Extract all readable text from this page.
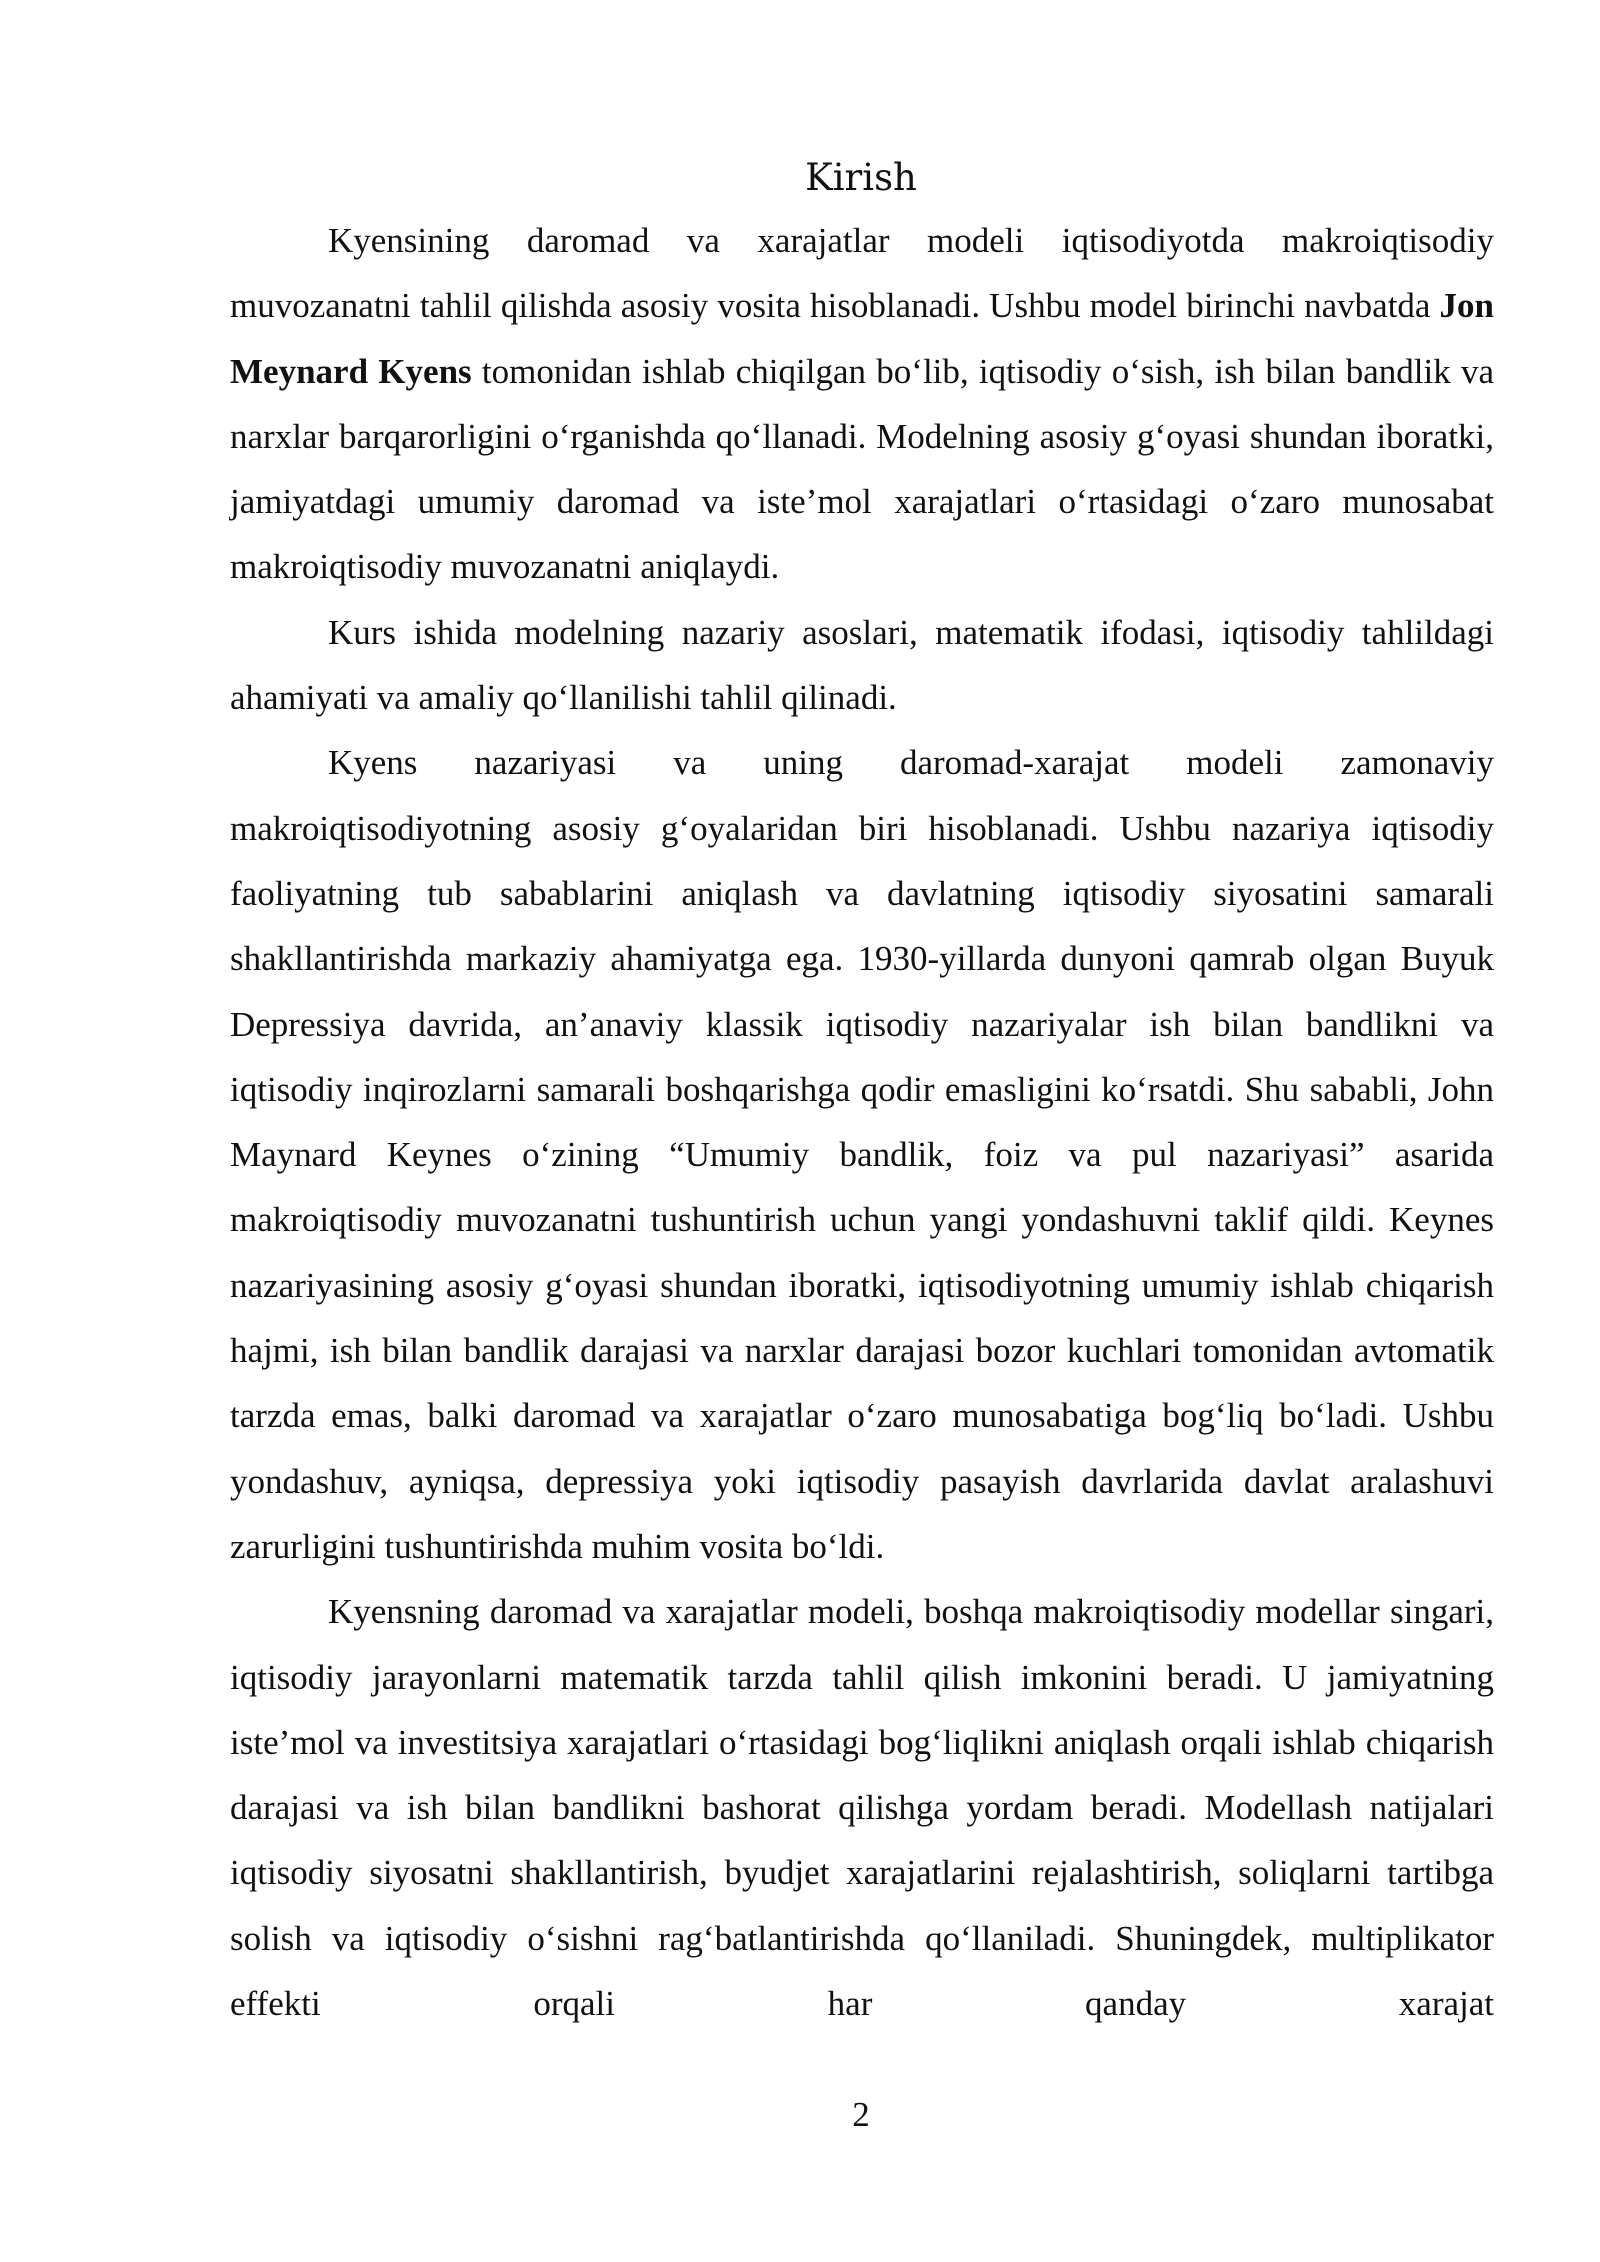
Kirish

Kyensining daromad va xarajatlar modeli iqtisodiyotda makroiqtisodiy muvozanatni tahlil qilishda asosiy vosita hisoblanadi. Ushbu model birinchi navbatda Jon Meynard Kyens tomonidan ishlab chiqilgan bo‘lib, iqtisodiy o‘sish, ish bilan bandlik va narxlar barqarorligini o‘rganishda qo‘llanadi. Modelning asosiy g‘oyasi shundan iboratki, jamiyatdagi umumiy daromad va iste’mol xarajatlari o‘rtasidagi o‘zaro munosabat makroiqtisodiy muvozanatni aniqlaydi.

Kurs ishida modelning nazariy asoslari, matematik ifodasi, iqtisodiy tahlildagi ahamiyati va amaliy qo‘llanilishi tahlil qilinadi.

Kyens nazariyasi va uning daromad-xarajat modeli zamonaviy makroiqtisodiyotning asosiy g‘oyalaridan biri hisoblanadi. Ushbu nazariya iqtisodiy faoliyatning tub sabablarini aniqlash va davlatning iqtisodiy siyosatini samarali shakllantirishda markaziy ahamiyatga ega. 1930-yillarda dunyoni qamrab olgan Buyuk Depressiya davrida, an’anaviy klassik iqtisodiy nazariyalar ish bilan bandlikni va iqtisodiy inqirozlarni samarali boshqarishga qodir emasligini ko‘rsatdi. Shu sababli, John Maynard Keynes o‘zining “Umumiy bandlik, foiz va pul nazariyasi” asarida makroiqtisodiy muvozanatni tushuntirish uchun yangi yondashuvni taklif qildi. Keynes nazariyasining asosiy g‘oyasi shundan iboratki, iqtisodiyotning umumiy ishlab chiqarish hajmi, ish bilan bandlik darajasi va narxlar darajasi bozor kuchlari tomonidan avtomatik tarzda emas, balki daromad va xarajatlar o‘zaro munosabatiga bog‘liq bo‘ladi. Ushbu yondashuv, ayniqsa, depressiya yoki iqtisodiy pasayish davrlarida davlat aralashuvi zarurligini tushuntirishda muhim vosita bo‘ldi.

Kyensning daromad va xarajatlar modeli, boshqa makroiqtisodiy modellar singari, iqtisodiy jarayonlarni matematik tarzda tahlil qilish imkonini beradi. U jamiyatning iste’mol va investitsiya xarajatlari o‘rtasidagi bog‘liqlikni aniqlash orqali ishlab chiqarish darajasi va ish bilan bandlikni bashorat qilishga yordam beradi. Modellash natijalari iqtisodiy siyosatni shakllantirish, byudjet xarajatlarini rejalashtirish, soliqlarni tartibga solish va iqtisodiy o‘sishni rag‘batlantirishda qo‘llaniladi. Shuningdek, multiplikator effekti orqali har qanday xarajat

2
